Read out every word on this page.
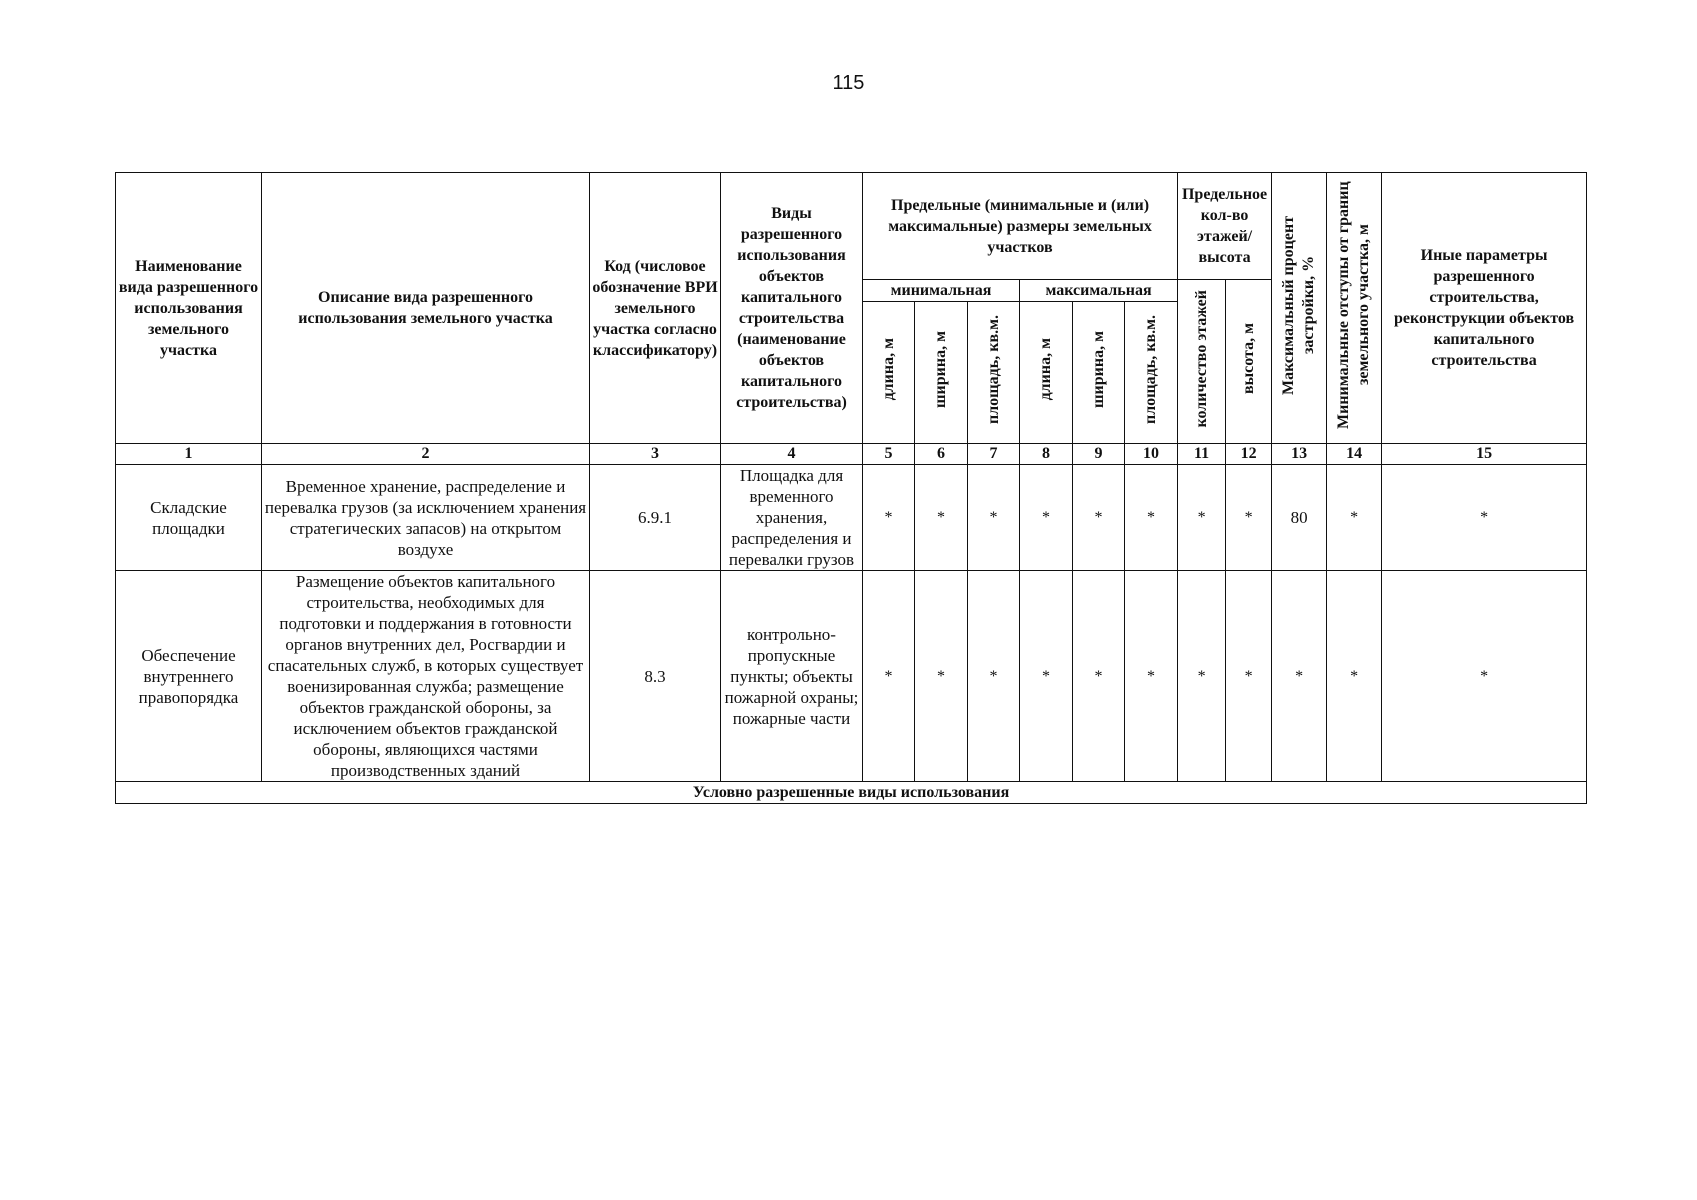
115
Наименование вида разрешенного использования земельного участка	Описание вида разрешенного использования земельного участка	Код (числовое обозначение ВРИ земельного участка согласно классификатору)	Виды разрешенного использования объектов капитального строительства (наименование объектов капитального строительства)	Предельные (минимальные и (или) максимальные) размеры земельных участков						Предельное кол-во этажей/ высота		Максимальный процент застройки, %	Минимальные отступы от границ земельного участка, м	Иные параметры разрешенного строительства, реконструкции объектов капитального строительства
				минимальная			максимальная			количество этажей	высота, м			
				длина, м	ширина, м	площадь, кв.м.	длина, м	ширина, м	площадь, кв.м.					
1	2	3	4	5	6	7	8	9	10	11	12	13	14	15
Складские площадки	Временное хранение, распределение и перевалка грузов (за исключением хранения стратегических запасов) на открытом воздухе	6.9.1	Площадка для временного хранения, распределения и перевалки грузов	*	*	*	*	*	*	*	*	80	*	*
Обеспечение внутреннего правопорядка	Размещение объектов капитального строительства, необходимых для подготовки и поддержания в готовности органов внутренних дел, Росгвардии и спасательных служб, в которых существует военизированная служба; размещение объектов гражданской обороны, за исключением объектов гражданской обороны, являющихся частями производственных зданий	8.3	контрольно-пропускные пункты; объекты пожарной охраны; пожарные части	*	*	*	*	*	*	*	*	*	*	*
Условно разрешенные виды использования														
